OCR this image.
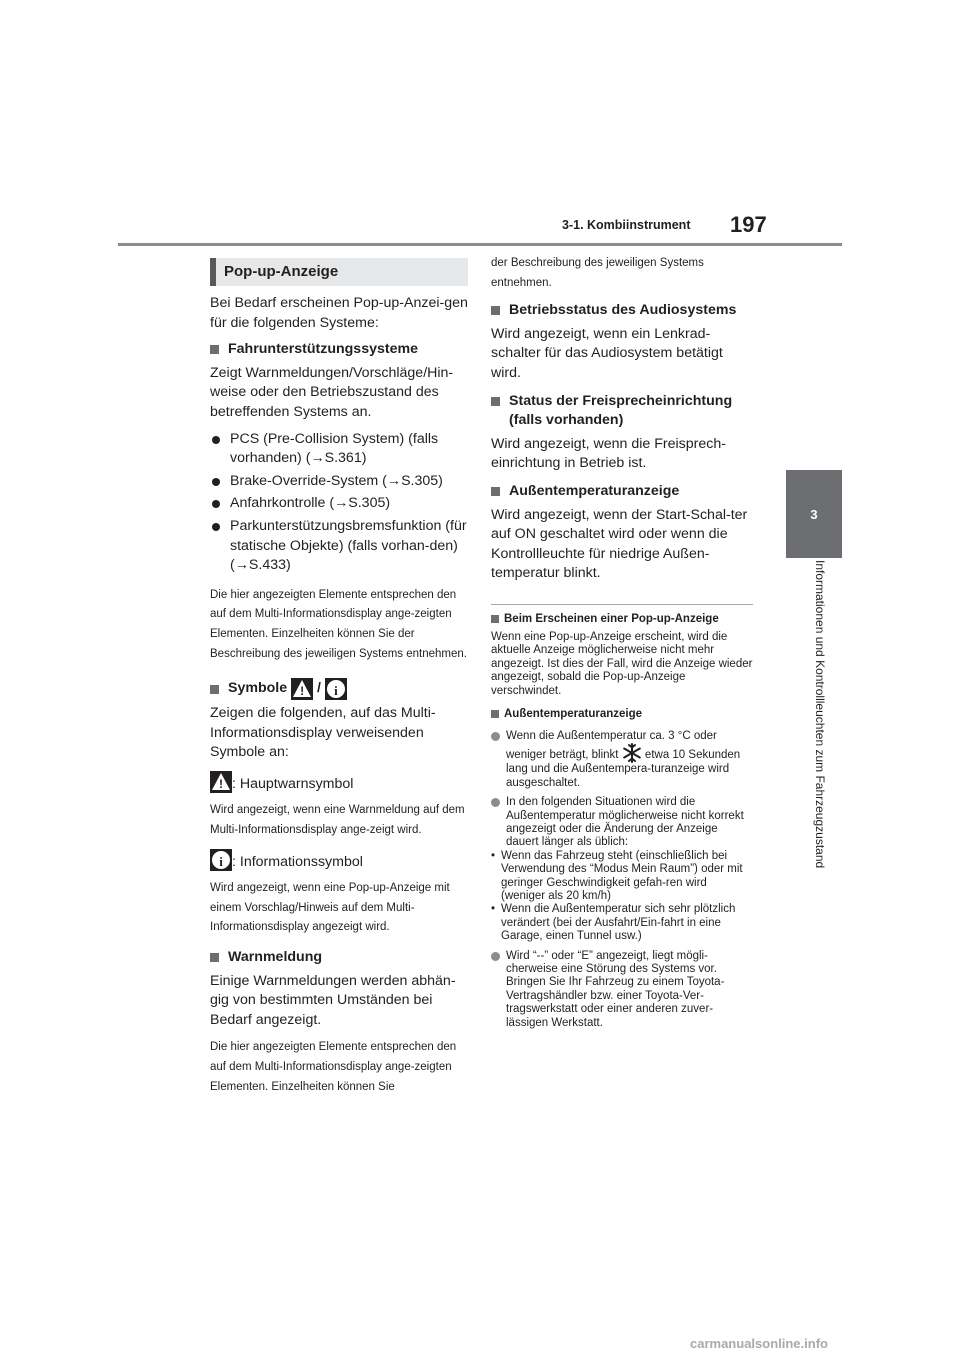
3-1. Kombiinstrument	197
3
Informationen und Kontrollleuchten zum Fahrzeugzustand
Pop-up-Anzeige

Bei Bedarf erscheinen Pop-up-Anzei-gen für die folgenden Systeme:

Fahrunterstützungssysteme

Zeigt Warnmeldungen/Vorschläge/Hin-weise oder den Betriebszustand des betreffenden Systems an.

PCS (Pre-Collision System) (falls vorhanden) (→S.361)
Brake-Override-System (→S.305)
Anfahrkontrolle (→S.305)
Parkunterstützungsbremsfunktion (für statische Objekte) (falls vorhan-den) (→S.433)

Die hier angezeigten Elemente entsprechen den auf dem Multi-Informationsdisplay ange-zeigten Elementen. Einzelheiten können Sie der Beschreibung des jeweiligen Systems entnehmen.

Symbole

!
/

i

Zeigen die folgenden, auf das Multi-Informationsdisplay verweisenden Symbole an:

!: Hauptwarnsymbol

Wird angezeigt, wenn eine Warnmeldung auf dem Multi-Informationsdisplay ange-zeigt wird.

i: Informationssymbol

Wird angezeigt, wenn eine Pop-up-Anzeige mit einem Vorschlag/Hinweis auf dem Multi-Informationsdisplay angezeigt wird.

Warnmeldung

Einige Warnmeldungen werden abhän-gig von bestimmten Umständen bei Bedarf angezeigt.

Die hier angezeigten Elemente entsprechen den auf dem Multi-Informationsdisplay ange-zeigten Elementen. Einzelheiten können Sie

der Beschreibung des jeweiligen Systems entnehmen.

Betriebsstatus des Audiosystems

Wird angezeigt, wenn ein Lenkrad-schalter für das Audiosystem betätigt wird.

Status der Freisprecheinrichtung (falls vorhanden)

Wird angezeigt, wenn die Freisprech-einrichtung in Betrieb ist.

Außentemperaturanzeige

Wird angezeigt, wenn der Start-Schal-ter auf ON geschaltet wird oder wenn die Kontrollleuchte für niedrige Außen-temperatur blinkt.

Beim Erscheinen einer Pop-up-Anzeige

Wenn eine Pop-up-Anzeige erscheint, wird die aktuelle Anzeige möglicherweise nicht mehr angezeigt. Ist dies der Fall, wird die Anzeige wieder angezeigt, sobald die Pop-up-Anzeige verschwindet.

Außentemperaturanzeige
Wenn die Außentemperatur ca. 3 °C oder weniger beträgt, blinkt etwa 10 Sekunden lang und die Außentempera-turanzeige wird ausgeschaltet.
In den folgenden Situationen wird die Außentemperatur möglicherweise nicht korrekt angezeigt oder die Änderung der Anzeige dauert länger als üblich:
• Wenn das Fahrzeug steht (einschließlich bei Verwendung des “Modus Mein Raum”) oder mit geringer Geschwindigkeit gefah-ren wird (weniger als 20 km/h)
• Wenn die Außentemperatur sich sehr plötzlich verändert (bei der Ausfahrt/Ein-fahrt in eine Garage, einen Tunnel usw.)
Wird “--” oder “E” angezeigt, liegt mögli-cherweise eine Störung des Systems vor. Bringen Sie Ihr Fahrzeug zu einem Toyota-Vertragshändler bzw. einer Toyota-Ver-tragswerkstatt oder einer anderen zuver-lässigen Werkstatt.
carmanualsonline.info
